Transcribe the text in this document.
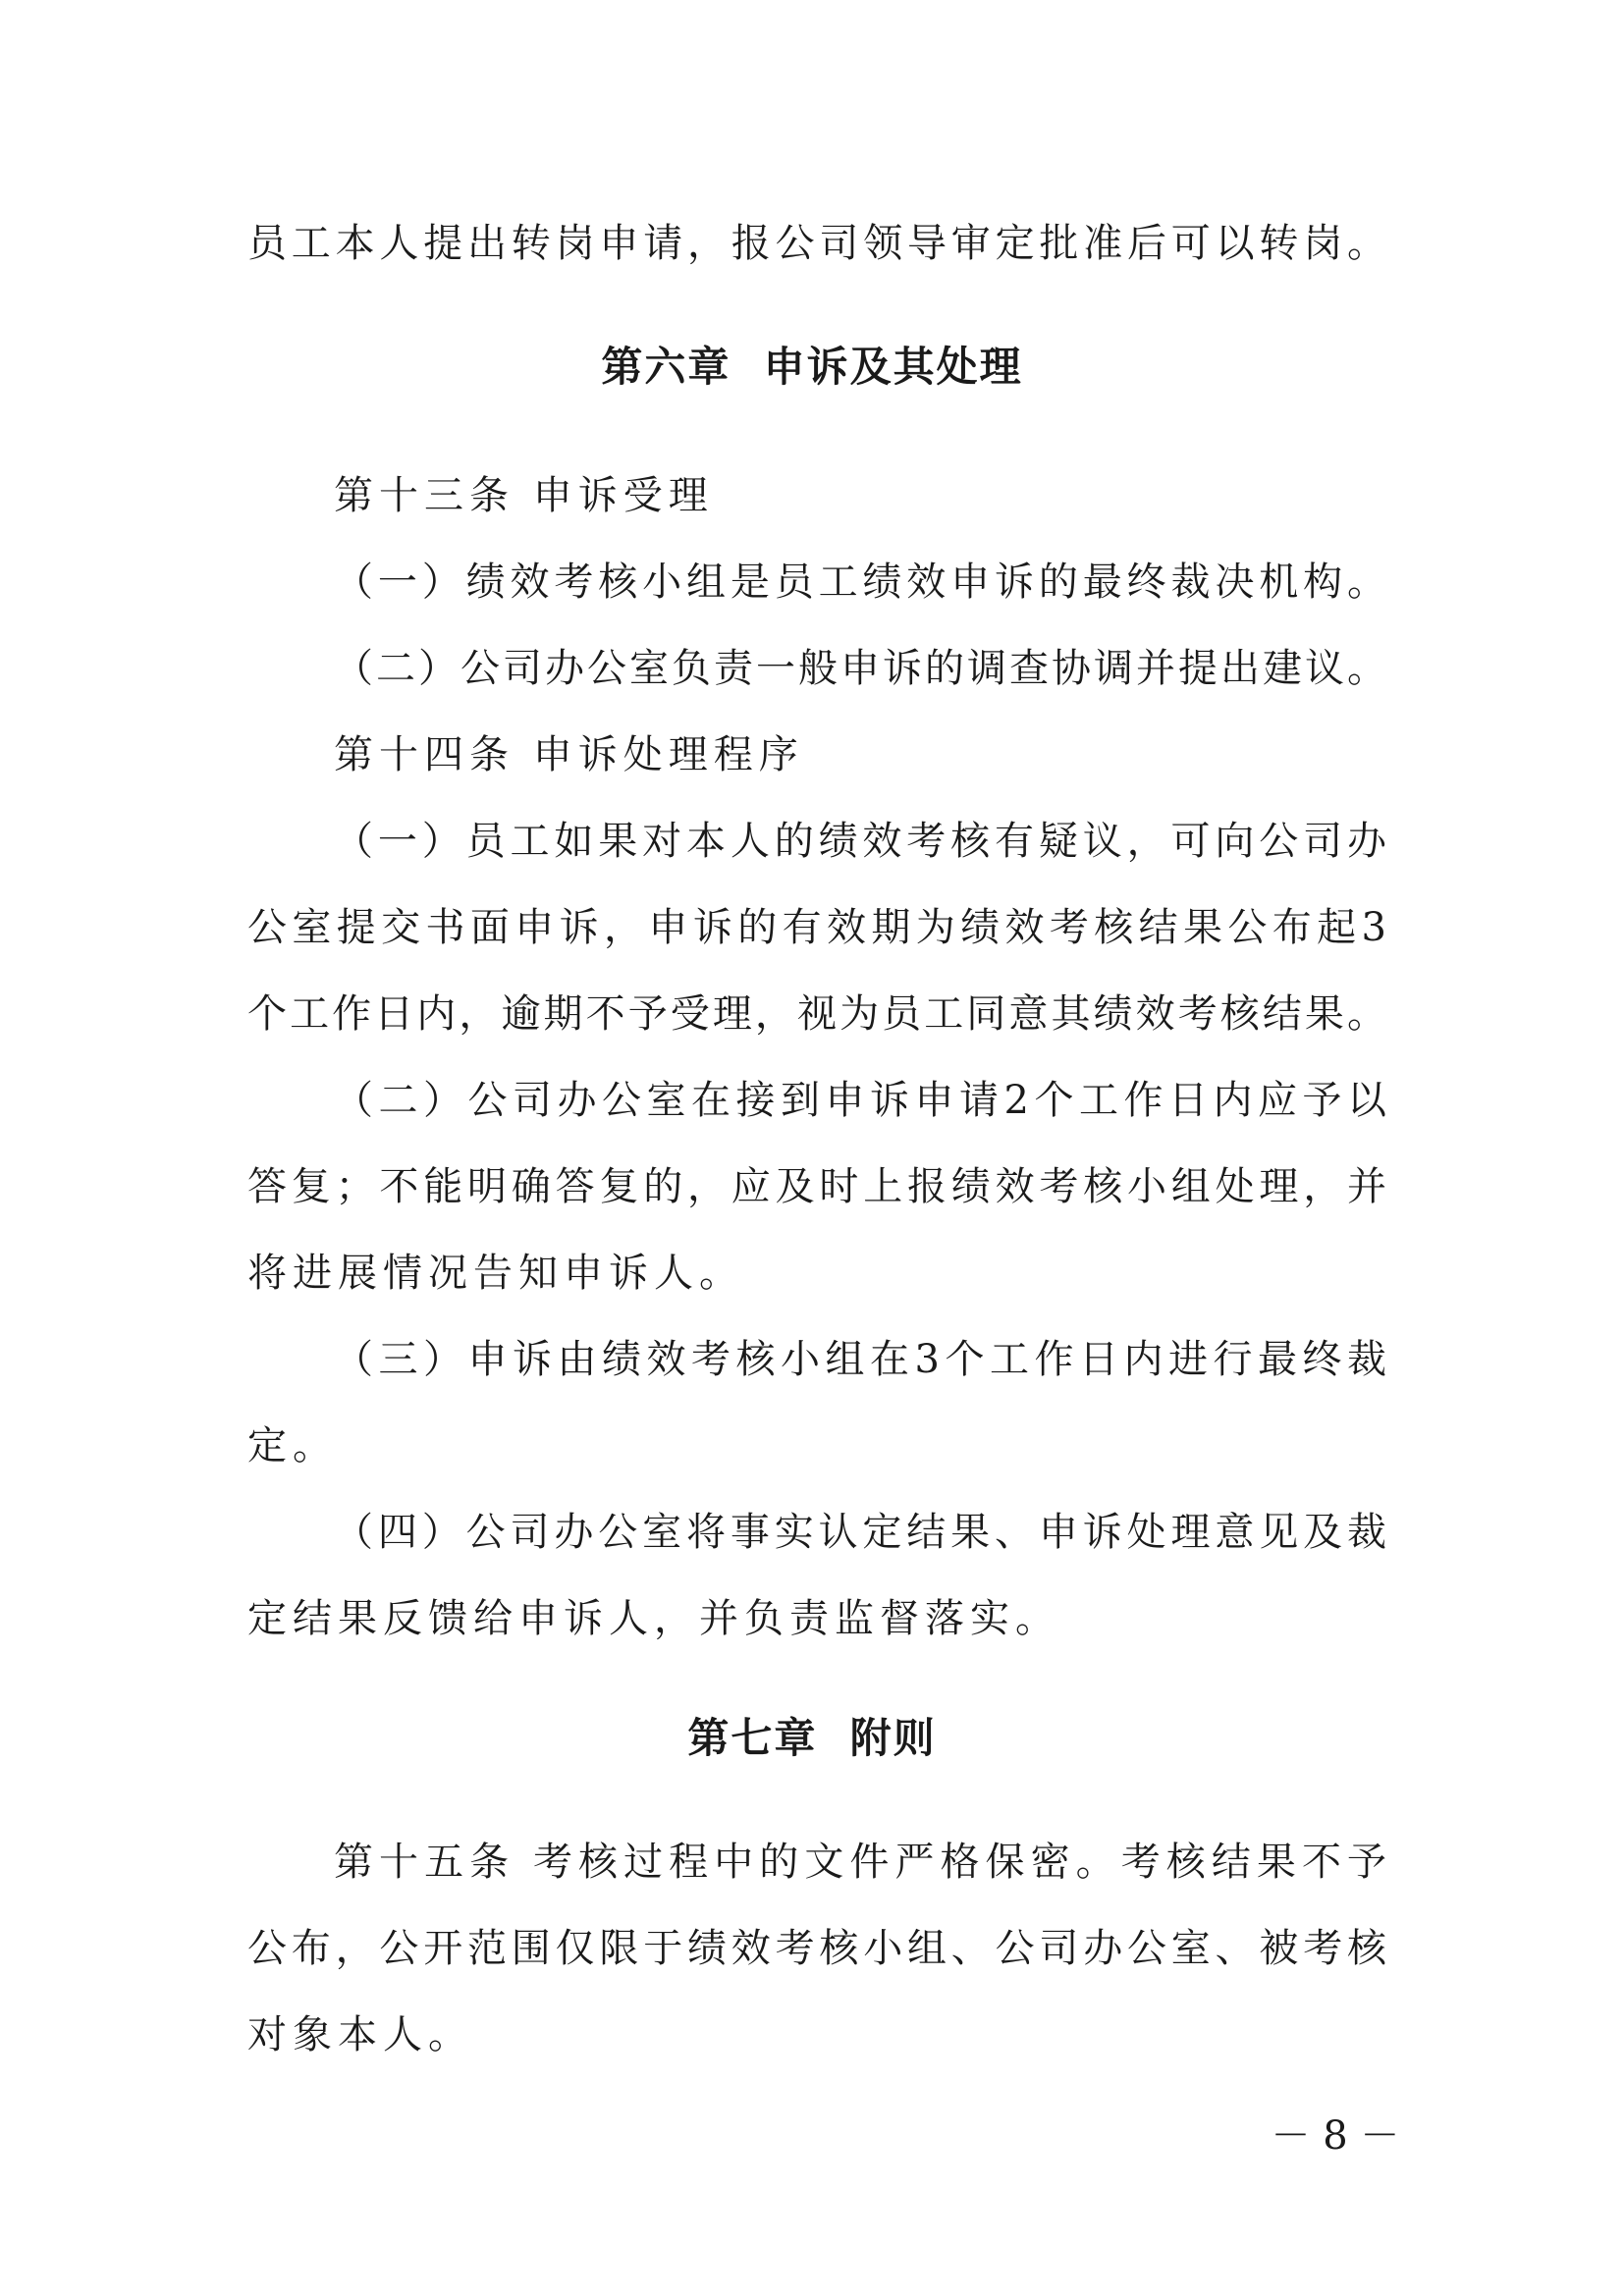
员工本人提出转岗申请，报公司领导审定批准后可以转岗。
第六章  申诉及其处理
第十三条 申诉受理
（一）绩效考核小组是员工绩效申诉的最终裁决机构。
（二）公司办公室负责一般申诉的调查协调并提出建议。
第十四条 申诉处理程序
（一）员工如果对本人的绩效考核有疑议，可向公司办
公室提交书面申诉，申诉的有效期为绩效考核结果公布起3
个工作日内，逾期不予受理，视为员工同意其绩效考核结果。
（二）公司办公室在接到申诉申请2个工作日内应予以
答复；不能明确答复的，应及时上报绩效考核小组处理，并
将进展情况告知申诉人。
（三）申诉由绩效考核小组在3个工作日内进行最终裁
定。
（四）公司办公室将事实认定结果、申诉处理意见及裁
定结果反馈给申诉人，并负责监督落实。
第七章  附则
第十五条 考核过程中的文件严格保密。考核结果不予
公布，公开范围仅限于绩效考核小组、公司办公室、被考核
对象本人。
－ 8 －
